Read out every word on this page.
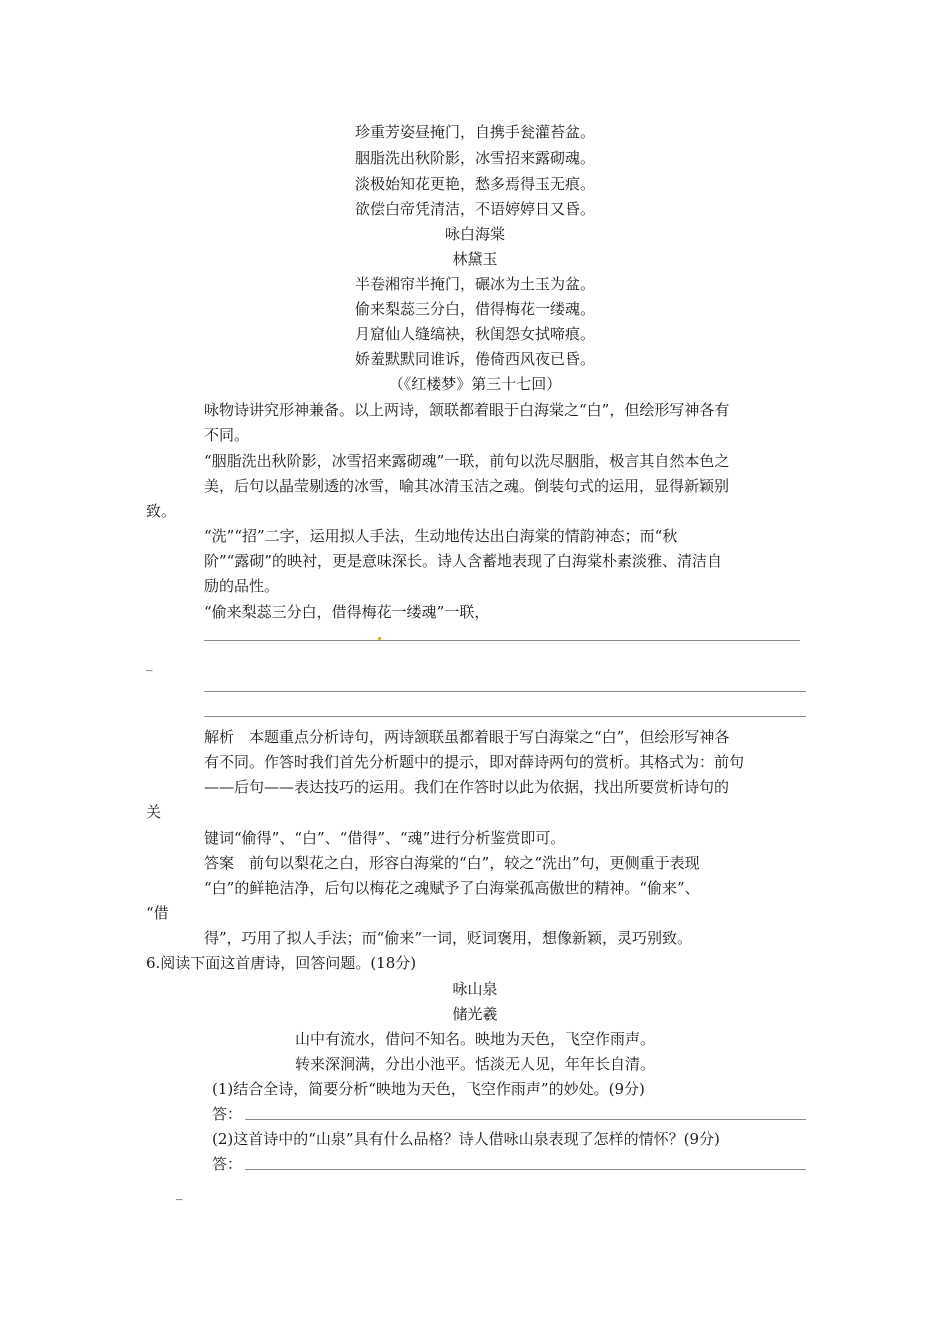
珍重芳姿昼掩门，自携手瓮灌苔盆。
胭脂洗出秋阶影，冰雪招来露砌魂。
淡极始知花更艳，愁多焉得玉无痕。
欲偿白帝凭清洁，不语婷婷日又昏。
咏白海棠
林黛玉
半卷湘帘半掩门，碾冰为土玉为盆。
偷来梨蕊三分白，借得梅花一缕魂。
月窟仙人缝缟袂，秋闺怨女拭啼痕。
娇羞默默同谁诉，倦倚西风夜已昏。
（《红楼梦》第三十七回）
咏物诗讲究形神兼备。以上两诗，颔联都着眼于白海棠之“白”，但绘形写神各有
不同。
“胭脂洗出秋阶影，冰雪招来露砌魂”一联，前句以洗尽胭脂，极言其自然本色之
美，后句以晶莹剔透的冰雪，喻其冰清玉洁之魂。倒装句式的运用，显得新颖别
致。
“洗”“招”二字，运用拟人手法，生动地传达出白海棠的情韵神态；而“秋
阶”“露砌”的映衬，更是意味深长。诗人含蓄地表现了白海棠朴素淡雅、清洁自
励的品性。
“偷来梨蕊三分白，借得梅花一缕魂”一联，
_
解析　本题重点分析诗句，两诗颔联虽都着眼于写白海棠之“白”，但绘形写神各
有不同。作答时我们首先分析题中的提示，即对薛诗两句的赏析。其格式为：前句
——后句——表达技巧的运用。我们在作答时以此为依据，找出所要赏析诗句的
关
键词“偷得”、“白”、“借得”、“魂”进行分析鉴赏即可。
答案　前句以梨花之白，形容白海棠的“白”，较之“洗出”句，更侧重于表现
“白”的鲜艳洁净，后句以梅花之魂赋予了白海棠孤高傲世的精神。“偷来”、
“借
得”，巧用了拟人手法；而“偷来”一词，贬词褒用，想像新颖，灵巧别致。
6.阅读下面这首唐诗，回答问题。(18分)
咏山泉
储光羲
山中有流水，借问不知名。映地为天色，飞空作雨声。
转来深涧满，分出小池平。恬淡无人见，年年长自清。
(1)结合全诗，简要分析“映地为天色，飞空作雨声”的妙处。(9分)
答：
(2)这首诗中的“山泉”具有什么品格？诗人借咏山泉表现了怎样的情怀？(9分)
答：
_
